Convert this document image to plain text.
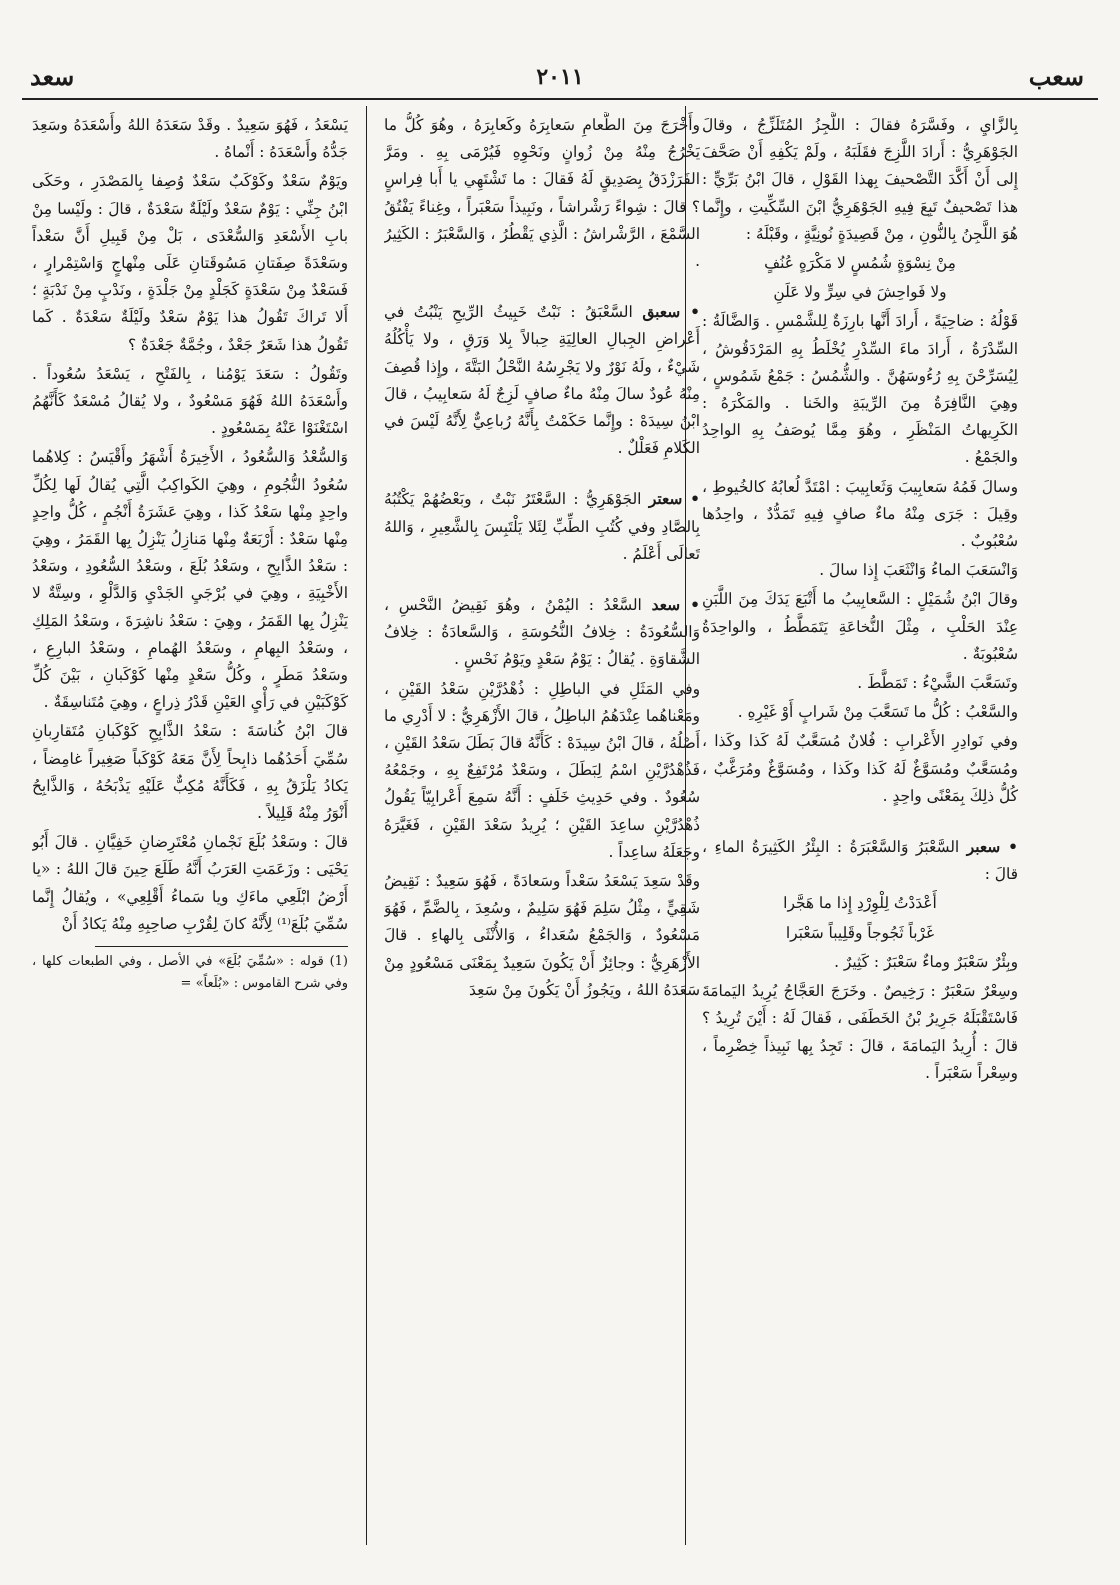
سعب
٢٠١١
سعد

بِالزَّايِ ، وفَسَّرَهُ فقالَ : اللَّجِزُ المُتَلَزِّجُ ، وقالَ الجَوْهَرِيُّ : أَرادَ اللَّزِجَ فقَلَبَهُ ، ولَمْ يَكْفِهِ أَنْ صَحَّفَ إِلى أَنْ أَكَّدَ التَّصْحيفَ بِهذا القَوْلِ ، قالَ ابْنُ بَرِّيٍّ : هذا تَصْحيفٌ تَبِعَ فِيهِ الجَوْهَرِيُّ ابْنَ السِّكِّيتِ ، وإِنَّما هُوَ اللَّجِنُ بِالنُّونِ ، مِنْ قَصِيدَةٍ نُونِيَّةٍ ، وقَبْلَهُ :

مِنْ نِسْوَةٍ شُمُسٍ لا مَكْرَهٍ عُنُفٍ

ولا فَواحِشَ في سِرٍّ ولا عَلَنِ

قَوْلُهُ : ضاحِيَةً ، أَرادَ أَنَّها بارِزَةٌ لِلشَّمْسِ . وَالضَّالَةُ : السِّدْرَةُ ، أَرادَ ماءَ السِّدْرِ يُخْلَطُ بِهِ المَرْدَقُوشُ ، لِيُسَرِّحْنَ بِهِ رُءُوسَهُنَّ . والشُّمُسُ : جَمْعُ شَمُوسٍ ، وهِيَ النَّافِرَةُ مِنَ الرِّيبَةِ والخَنا . والمَكْرَهُ : الكَرِيهاتُ المَنْظَرِ ، وهُوَ مِمَّا يُوصَفُ بِهِ الواحِدُ والجَمْعُ .

وسالَ فَمُهُ سَعابِيبَ وَثَعابِيبَ : امْتَدَّ لُعابُهُ كالخُيوطِ ، وقِيلَ : جَرَى مِنْهُ ماءٌ صافٍ فِيهِ تَمَدُّدٌ ، واحِدُها سُعْبُوبٌ .

وَانْسَعَبَ الماءُ وَانْثَعَبَ إِذا سالَ .

وقالَ ابْنُ شُمَيْلٍ : السَّعابِيبُ ما أَتْبَعَ يَدَكَ مِنَ اللَّبَنِ عِنْدَ الحَلْبِ ، مِثْلَ النُّخاعَةِ يَتَمَطَّطُ ، والواحِدَةُ سُعْبُوبَةٌ .

وتَسَعَّبَ الشَّيْءُ : تَمَطَّطَ .

والسَّعْبُ : كُلُّ ما تَسَعَّبَ مِنْ شَرابٍ أَوْ غَيْرِهِ .

وفي نَوادِرِ الأَعْرابِ : فُلانٌ مُسَعَّبٌ لَهُ كَذا وكَذا ، ومُسَعَّبٌ ومُسَوَّغٌ لَهُ كَذا وكَذا ، ومُسَوَّغٌ ومُرَغَّبٌ ، كُلُّ ذلِكَ بِمَعْنًى واحِدٍ .

• سعبر السَّعْبَرُ وَالسَّعْبَرَةُ : البِئْرُ الكَثِيرَةُ الماءِ ، قالَ :

أَعْدَدْتُ لِلْوِرْدِ إِذا ما هَجَّرا

غَرْباً ثَجُوجاً وقَلِيباً سَعْبَرا

وبِئْرٌ سَعْبَرٌ وماءٌ سَعْبَرٌ : كَثِيرٌ .

وسِعْرٌ سَعْبَرٌ : رَخِيصٌ . وخَرَجَ العَجَّاجُ يُرِيدُ اليَمامَةَ فَاسْتَقْبَلَهُ جَرِيرُ بْنُ الخَطَفَى ، فَقالَ لَهُ : أَيْنَ تُرِيدُ ؟ قالَ : أُرِيدُ اليَمامَةَ ، قالَ : تَجِدُ بِها نَبِيذاً خِضْرِماً ، وسِعْراً سَعْبَراً .

وأَخْرَجَ مِنَ الطَّعامِ سَعابِرَهُ وكَعابِرَهُ ، وهُوَ كُلُّ ما يَخْرُجُ مِنْهُ مِنْ زُوانٍ ونَحْوِهِ فَيُرْمَى بِهِ . ومَرَّ الفَرَزْدَقُ بِصَدِيقٍ لَهُ فَقالَ : ما تَشْتَهِي يا أَبا فِراسٍ ؟ قالَ : شِواءً رَشْراشاً ، ونَبِيذاً سَعْبَراً ، وغِناءً يَفْتُقُ السَّمْعَ ، الرَّشْراشُ : الَّذِي يَقْطُرُ ، وَالسَّعْبَرُ : الكَثِيرُ .

• سعبق السَّعْبَقُ : نَبْتٌ خَبِيثُ الرِّيحِ يَنْبُتُ في أَعْراضِ الجِبالِ العالِيَةِ حِبالاً بِلا وَرَقٍ ، ولا يَأْكُلُهُ شَيْءٌ ، ولَهُ نَوْرٌ ولا يَجْرِسُهُ النَّحْلُ البَتَّةَ ، وإِذا قُصِفَ مِنْهُ عُودٌ سالَ مِنْهُ ماءٌ صافٍ لَزِجٌ لَهُ سَعابِيبُ ، قالَ ابْنُ سِيدَهْ : وإِنَّما حَكَمْتُ بِأَنَّهُ رُباعِيٌّ لِأَنَّهُ لَيْسَ في الكَلامِ فَعَلْلٌ .

• سعتر الجَوْهَرِيُّ : السَّعْتَرُ نَبْتٌ ، وبَعْضُهُمْ يَكْتُبُهُ بِالصَّادِ وفي كُتُبِ الطِّبِّ لِئَلا يَلْتَبِسَ بِالشَّعِيرِ ، وَاللهُ تَعالَى أَعْلَمُ .

• سعد السَّعْدُ : اليُمْنُ ، وهُوَ نَقِيضُ النَّحْسِ ، وَالسُّعُودَةُ : خِلافُ النُّحُوسَةِ ، وَالسَّعادَةُ : خِلافُ الشَّقاوَةِ . يُقالُ : يَوْمُ سَعْدٍ ويَوْمُ نَحْسٍ .

وفي المَثَلِ في الباطِلِ : ذُهْدُرَّيْنِ سَعْدُ القَيْنِ ، ومَعْناهُما عِنْدَهُمُ الباطِلُ ، قالَ الأَزْهَرِيُّ : لا أَدْرِي ما أَصْلُهُ ، قالَ ابْنُ سِيدَهْ : كَأَنَّهُ قالَ بَطَلَ سَعْدُ القَيْنِ ، فَذُهْدُرَّيْنِ اسْمُ لِبَطَلَ ، وسَعْدٌ مُرْتَفِعٌ بِهِ ، وجَمْعُهُ سُعُودٌ . وفي حَدِيثِ خَلَفٍ : أَنَّهُ سَمِعَ أَعْرابِيّاً يَقُولُ ذُهْدُرَّيْنِ ساعِدَ القَيْنِ ؛ يُرِيدُ سَعْدَ القَيْنِ ، فَغَيَّرَهُ وجَعَلَهُ ساعِداً .

وقَدْ سَعِدَ يَسْعَدُ سَعْداً وسَعادَةً ، فَهُوَ سَعِيدٌ : نَقِيضُ شَقِيٍّ ، مِثْلُ سَلِمَ فَهُوَ سَلِيمٌ ، وسُعِدَ ، بِالضَّمِّ ، فَهُوَ مَسْعُودٌ ، وَالجَمْعُ سُعَداءُ ، وَالأُنْثَى بِالهاءِ . قالَ الأَزْهَرِيُّ : وجائِزٌ أَنْ يَكُونَ سَعِيدٌ بِمَعْنَى مَسْعُودٍ مِنْ سَعَدَهُ اللهُ ، ويَجُوزُ أَنْ يَكُونَ مِنْ سَعِدَ

يَسْعَدُ ، فَهُوَ سَعِيدٌ . وقَدْ سَعَدَهُ اللهُ وأَسْعَدَهُ وسَعِدَ جَدُّهُ وأَسْعَدَهُ : أَنْماهُ .

ويَوْمٌ سَعْدٌ وكَوْكَبٌ سَعْدٌ وُصِفا بِالمَصْدَرِ ، وحَكَى ابْنُ جِنِّي : يَوْمٌ سَعْدٌ ولَيْلَةٌ سَعْدَةٌ ، قالَ : ولَيْسا مِنْ بابِ الأَسْعَدِ وَالسُّعْدَى ، بَلْ مِنْ قَبِيلِ أَنَّ سَعْداً وسَعْدَةً صِفَتانِ مَسُوقَتانِ عَلَى مِنْهاجٍ وَاسْتِمْرارٍ ، فَسَعْدٌ مِنْ سَعْدَةٍ كَجَلْدٍ مِنْ جَلْدَةٍ ، ونَدْبٍ مِنْ نَدْبَةٍ ؛ أَلا تَراكَ تَقُولُ هذا يَوْمٌ سَعْدٌ ولَيْلَةٌ سَعْدَةٌ . كَما تَقُولُ هذا شَعَرٌ جَعْدٌ ، وجُمَّةٌ جَعْدَةٌ ؟

وتَقُولُ : سَعَدَ يَوْمُنا ، بِالفَتْحِ ، يَسْعَدُ سُعُوداً . وأَسْعَدَهُ اللهُ فَهُوَ مَسْعُودٌ ، ولا يُقالُ مُسْعَدٌ كَأَنَّهُمُ اسْتَغْنَوْا عَنْهُ بِمَسْعُودٍ .

وَالسُّعْدُ وَالسُّعُودُ ، الأَخِيرَةُ أَشْهَرُ وأَقْيَسُ : كِلاهُما سُعُودُ النُّجُومِ ، وهِيَ الكَواكِبُ الَّتِي يُقالُ لَها لِكُلِّ واحِدٍ مِنْها سَعْدُ كَذا ، وهِيَ عَشَرَةُ أَنْجُمٍ ، كُلُّ واحِدٍ مِنْها سَعْدٌ : أَرْبَعَةٌ مِنْها مَنازِلُ يَنْزِلُ بِها القَمَرُ ، وهِيَ : سَعْدُ الذَّابِحِ ، وسَعْدُ بُلَعَ ، وسَعْدُ السُّعُودِ ، وسَعْدُ الأَخْبِيَةِ ، وهِيَ في بُرْجَيِ الجَدْيِ وَالدَّلْوِ ، وسِتَّةٌ لا يَنْزِلُ بِها القَمَرُ ، وهِيَ : سَعْدُ ناشِرَةَ ، وسَعْدُ المَلِكِ ، وسَعْدُ البِهامِ ، وسَعْدُ الهُمامِ ، وسَعْدُ البارِعِ ، وسَعْدُ مَطَرٍ ، وكُلُّ سَعْدٍ مِنْها كَوْكَبانِ ، بَيْنَ كُلِّ كَوْكَبَيْنِ في رَأْيِ العَيْنِ قَدْرُ ذِراعٍ ، وهِيَ مُتَناسِقَةٌ .

قالَ ابْنُ كُناسَةَ : سَعْدُ الذَّابِحِ كَوْكَبانِ مُتَقارِبانِ سُمِّيَ أَحَدُهُما ذابِحاً لِأَنَّ مَعَهُ كَوْكَباً صَغِيراً غامِضاً ، يَكادُ يَلْزَقُ بِهِ ، فَكَأَنَّهُ مُكِبٌّ عَلَيْهِ يَذْبَحُهُ ، وَالذَّابِحُ أَنْوَرُ مِنْهُ قَلِيلاً .

قالَ : وسَعْدُ بُلَعَ نَجْمانِ مُعْتَرِضانِ خَفِيَّانِ . قالَ أَبُو يَحْيَى : وزَعَمَتِ العَرَبُ أَنَّهُ طَلَعَ حِينَ قالَ اللهُ : «يا أَرْضُ ابْلَعِي ماءَكِ ويا سَماءُ أَقْلِعِي» ، ويُقالُ إِنَّما سُمِّيَ بُلَعَ⁽¹⁾ لِأَنَّهُ كانَ لِقُرْبِ صاحِبِهِ مِنْهُ يَكادُ أَنْ

(1) قوله : «سُمِّيَ بُلَعَ» في الأصل ، وفي الطبعات كلها ، وفي شرح القاموس : «بُلَعاً» =
